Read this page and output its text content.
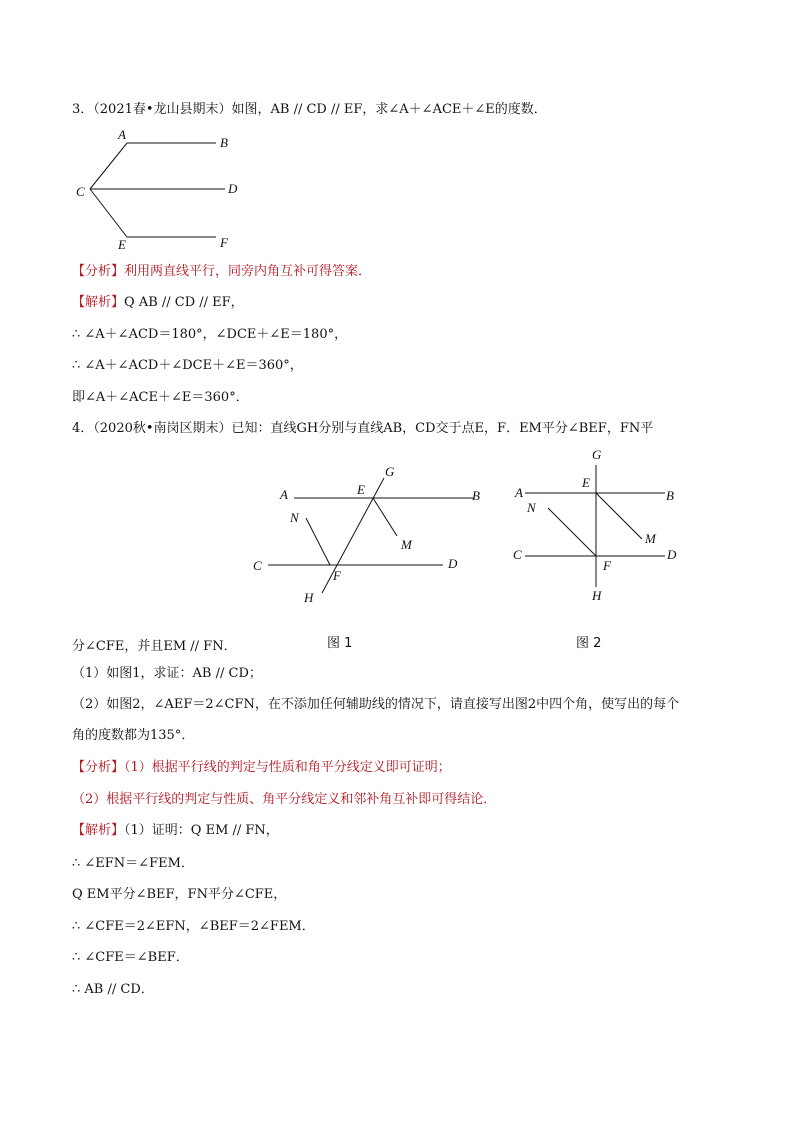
3．（2021春•龙山县期末）如图，AB // CD // EF，求∠A＋∠ACE＋∠E的度数．
A
B
C	D
E	F
【分析】利用两直线平行，同旁内角互补可得答案．
【解析】Q AB // CD // EF，
∴ ∠A＋∠ACD＝180°，∠DCE＋∠E＝180°，
∴ ∠A＋∠ACD＋∠DCE＋∠E＝360°，
即∠A＋∠ACE＋∠E＝360°．
4．（2020秋•南岗区期末）已知：直线GH分别与直线AB，CD交于点E，F．EM平分∠BEF，FN平
A	B
C	D
E
F
G
H
M
N
A	B
C	D
E
F
G
H
M
N
分∠CFE，并且EM // FN．	图 1	图 2
（1）如图1，求证：AB // CD；
（2）如图2，∠AEF＝2∠CFN，在不添加任何辅助线的情况下，请直接写出图2中四个角，使写出的每个
角的度数都为135°．
【分析】（1）根据平行线的判定与性质和角平分线定义即可证明；
（2）根据平行线的判定与性质、角平分线定义和邻补角互补即可得结论．
【解析】（1）证明：Q EM // FN，
∴ ∠EFN＝∠FEM．
Q EM平分∠BEF，FN平分∠CFE，
∴ ∠CFE＝2∠EFN，∠BEF＝2∠FEM．
∴ ∠CFE＝∠BEF．
∴ AB // CD．
